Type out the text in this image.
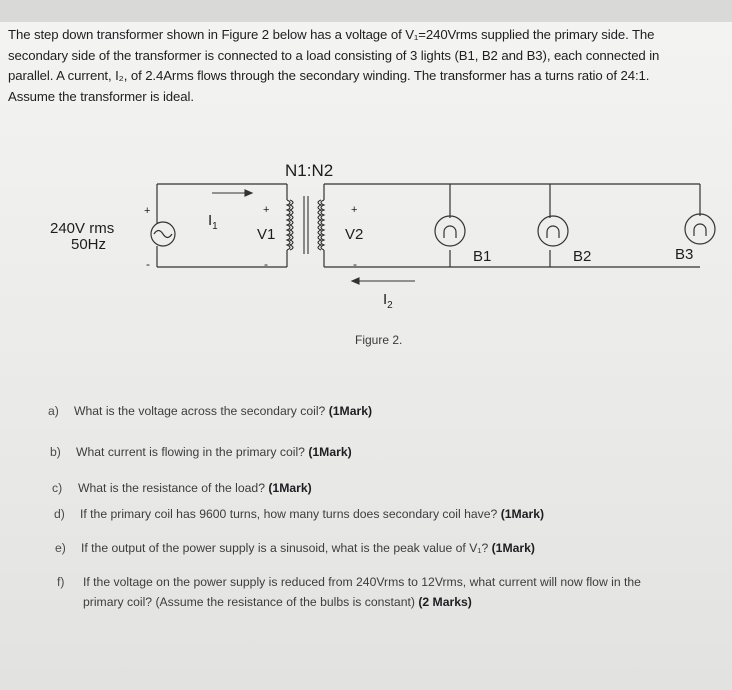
The step down transformer shown in Figure 2 below has a voltage of V₁=240Vrms supplied the primary side. The
secondary side of the transformer is connected to a load consisting of 3 lights (B1, B2 and B3), each connected in
parallel. A current, I₂, of 2.4Arms flows through the secondary winding. The transformer has a turns ratio of 24:1.
Assume the transformer is ideal.
N1:N2
240V rms
50Hz
+
-
$I_1$
+
V1
-
+
V2
-
$I_2$
B1	B2	B3
Figure 2.
a) What is the voltage across the secondary coil? (1Mark)
b) What current is flowing in the primary coil? (1Mark)
c) What is the resistance of the load? (1Mark)
d) If the primary coil has 9600 turns, how many turns does secondary coil have? (1Mark)
e) If the output of the power supply is a sinusoid, what is the peak value of V₁? (1Mark)
f) If the voltage on the power supply is reduced from 240Vrms to 12Vrms, what current will now flow in the
primary coil? (Assume the resistance of the bulbs is constant) (2 Marks)
